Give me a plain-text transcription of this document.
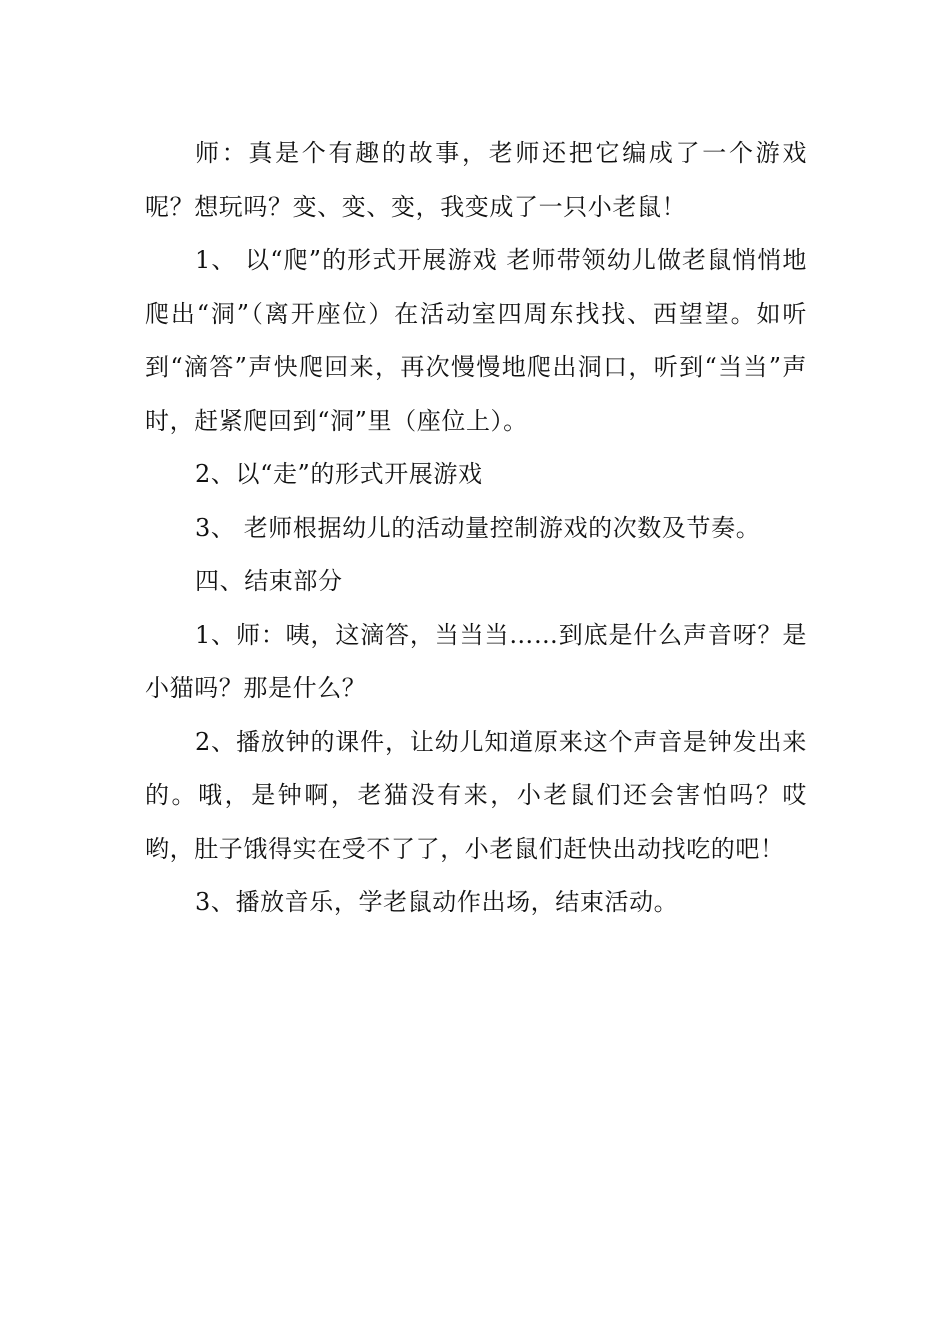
师：真是个有趣的故事，老师还把它编成了一个游戏呢？想玩吗？变、变、变，我变成了一只小老鼠！

1、 以“爬”的形式开展游戏 老师带领幼儿做老鼠悄悄地爬出“洞”（离开座位）在活动室四周东找找、西望望。如听到“滴答”声快爬回来，再次慢慢地爬出洞口，听到“当当”声时，赶紧爬回到“洞”里（座位上）。

2、以“走”的形式开展游戏

3、 老师根据幼儿的活动量控制游戏的次数及节奏。

四、结束部分

1、师：咦，这滴答，当当当……到底是什么声音呀？是小猫吗？那是什么？

2、播放钟的课件，让幼儿知道原来这个声音是钟发出来的。哦，是钟啊，老猫没有来，小老鼠们还会害怕吗？哎哟，肚子饿得实在受不了了，小老鼠们赶快出动找吃的吧！

3、播放音乐，学老鼠动作出场，结束活动。
